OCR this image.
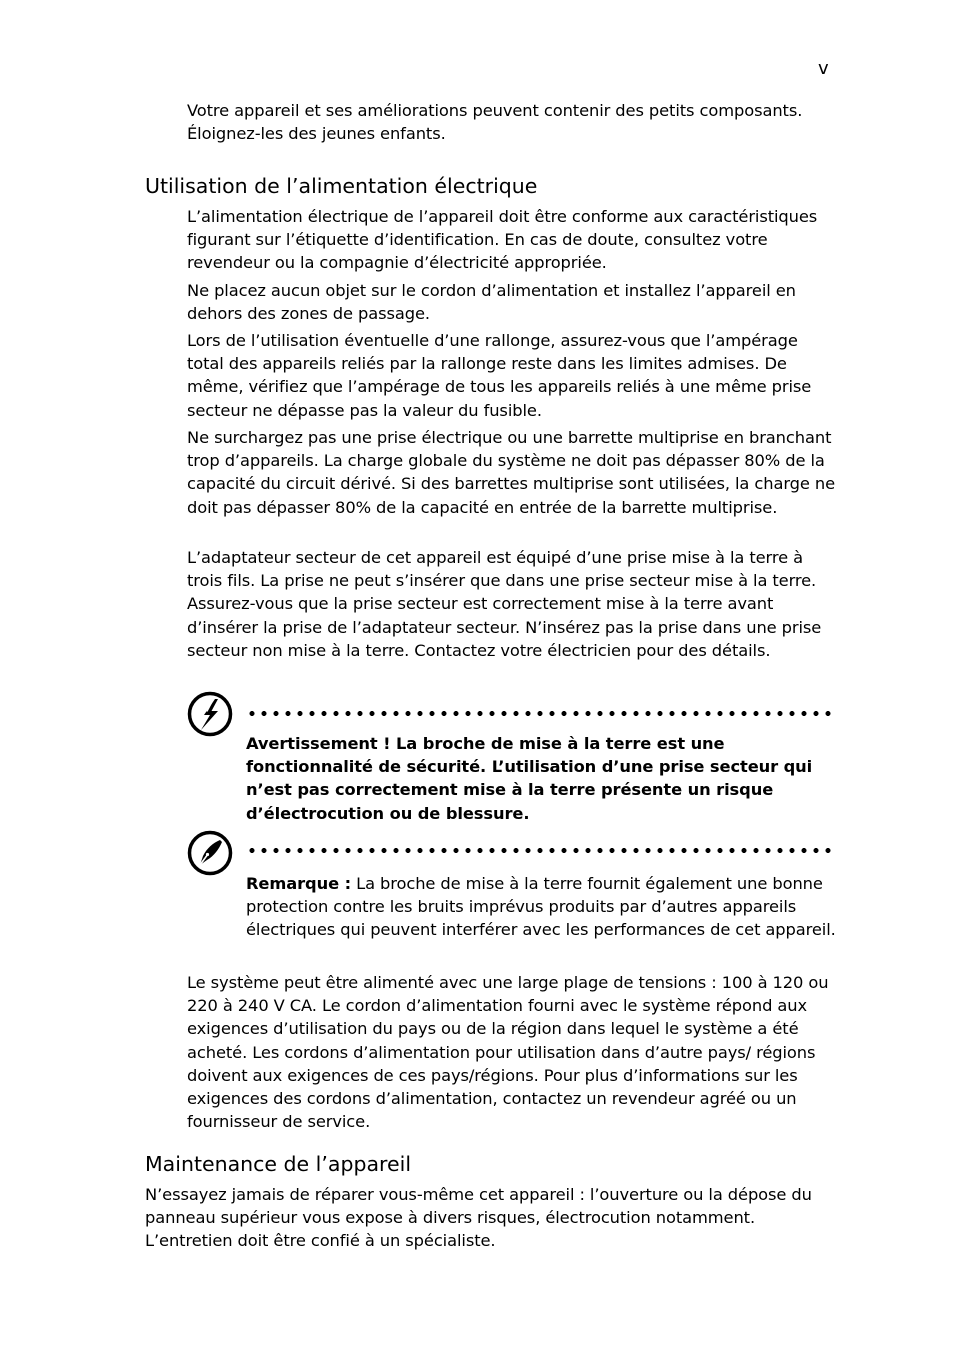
v

Votre appareil et ses améliorations peuvent contenir des petits composants. Éloignez-les des jeunes enfants.

Utilisation de l’alimentation électrique

L’alimentation électrique de l’appareil doit être conforme aux caractéristiques figurant sur l’étiquette d’identification. En cas de doute, consultez votre revendeur ou la compagnie d’électricité appropriée.

Ne placez aucun objet sur le cordon d’alimentation et installez l’appareil en dehors des zones de passage.

Lors de l’utilisation éventuelle d’une rallonge, assurez-vous que l’ampérage total des appareils reliés par la rallonge reste dans les limites admises. De même, vérifiez que l’ampérage de tous les appareils reliés à une même prise secteur ne dépasse pas la valeur du fusible.

Ne surchargez pas une prise électrique ou une barrette multiprise en branchant trop d’appareils. La charge globale du système ne doit pas dépasser 80% de la capacité du circuit dérivé. Si des barrettes multiprise sont utilisées, la charge ne doit pas dépasser 80% de la capacité en entrée de la barrette multiprise.

L’adaptateur secteur de cet appareil est équipé d’une prise mise à la terre à trois fils. La prise ne peut s’insérer que dans une prise secteur mise à la terre. Assurez-vous que la prise secteur est correctement mise à la terre avant d’insérer la prise de l’adaptateur secteur. N’insérez pas la prise dans une prise secteur non mise à la terre. Contactez votre électricien pour des détails.

Avertissement ! La broche de mise à la terre est une fonctionnalité de sécurité. L’utilisation d’une prise secteur qui n’est pas correctement mise à la terre présente un risque d’électrocution ou de blessure.

Remarque : La broche de mise à la terre fournit également une bonne protection contre les bruits imprévus produits par d’autres appareils électriques qui peuvent interférer avec les performances de cet appareil.

Le système peut être alimenté avec une large plage de tensions : 100 à 120 ou 220 à 240 V CA. Le cordon d’alimentation fourni avec le système répond aux exigences d’utilisation du pays ou de la région dans lequel le système a été acheté. Les cordons d’alimentation pour utilisation dans d’autre pays/ régions doivent aux exigences de ces pays/régions. Pour plus d’informations sur les exigences des cordons d’alimentation, contactez un revendeur agréé ou un fournisseur de service.

Maintenance de l’appareil

N’essayez jamais de réparer vous-même cet appareil : l’ouverture ou la dépose du panneau supérieur vous expose à divers risques, électrocution notamment. L’entretien doit être confié à un spécialiste.
